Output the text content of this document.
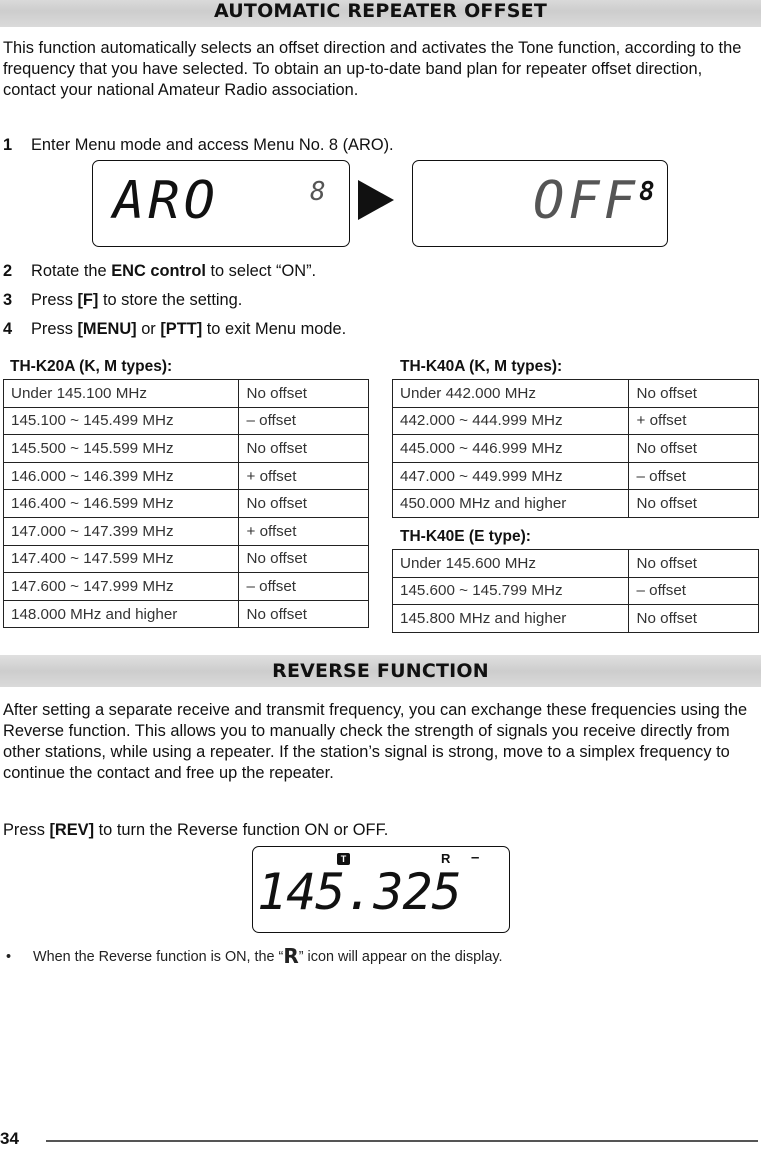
AUTOMATIC REPEATER OFFSET

This function automatically selects an offset direction and activates the Tone function, according to the frequency that you have selected. To obtain an up-to-date band plan for repeater offset direction, contact your national Amateur Radio association.

1 Enter Menu mode and access Menu No. 8 (ARO).
ARO	8	OFF 8
2 Rotate the ENC control to select “ON”.
3 Press [F] to store the setting.
4 Press [MENU] or [PTT] to exit Menu mode.
TH-K20A (K, M types):	TH-K40A (K, M types):
TH-K40E (E type):
Under 145.100 MHz	No offset
145.100 ~ 145.499 MHz	– offset
145.500 ~ 145.599 MHz	No offset
146.000 ~ 146.399 MHz	+ offset
146.400 ~ 146.599 MHz	No offset
147.000 ~ 147.399 MHz	+ offset
147.400 ~ 147.599 MHz	No offset
147.600 ~ 147.999 MHz	– offset
148.000 MHz and higher	No offset
Under 442.000 MHz	No offset
442.000 ~ 444.999 MHz	+ offset
445.000 ~ 446.999 MHz	No offset
447.000 ~ 449.999 MHz	– offset
450.000 MHz and higher	No offset
Under 145.600 MHz	No offset
145.600 ~ 145.799 MHz	– offset
145.800 MHz and higher	No offset
REVERSE FUNCTION

After setting a separate receive and transmit frequency, you can exchange these frequencies using the Reverse function. This allows you to manually check the strength of signals you receive directly from other stations, while using a repeater. If the station’s signal is strong, move to a simplex frequency to continue the contact and free up the repeater.

Press [REV] to turn the Reverse function ON or OFF.
T	R –
145.325
• When the Reverse function is ON, the “R” icon will appear on the display.
34
